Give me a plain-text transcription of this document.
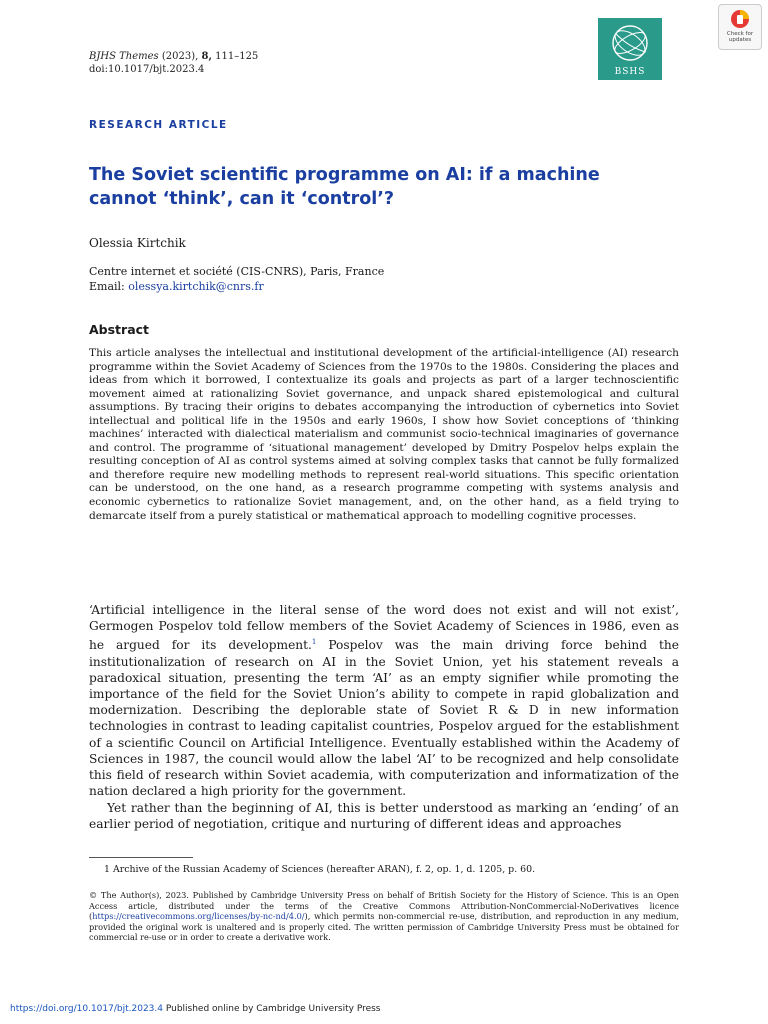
BJHS Themes (2023), 8, 111–125
doi:10.1017/bjt.2023.4	BSHS
Check for
updates
RESEARCH ARTICLE
The Soviet scientific programme on AI: if a machine
cannot ‘think’, can it ‘control’?
Olessia Kirtchik
Centre internet et société (CIS-CNRS), Paris, France
Email: olessya.kirtchik@cnrs.fr
Abstract
This article analyses the intellectual and institutional development of the artificial-intelligence (AI) research programme within the Soviet Academy of Sciences from the 1970s to the 1980s. Considering the places and ideas from which it borrowed, I contextualize its goals and projects as part of a larger technoscientific movement aimed at rationalizing Soviet governance, and unpack shared epistemological and cultural assumptions. By tracing their origins to debates accompanying the introduction of cybernetics into Soviet intellectual and political life in the 1950s and early 1960s, I show how Soviet conceptions of ‘thinking machines’ interacted with dialectical materialism and communist socio-technical imaginaries of governance and control. The programme of ‘situational management’ developed by Dmitry Pospelov helps explain the resulting conception of AI as control systems aimed at solving complex tasks that cannot be fully formalized and therefore require new modelling methods to represent real-world situations. This specific orientation can be understood, on the one hand, as a research programme competing with systems analysis and economic cybernetics to rationalize Soviet management, and, on the other hand, as a field trying to demarcate itself from a purely statistical or mathematical approach to modelling cognitive processes.

‘Artificial intelligence in the literal sense of the word does not exist and will not exist’, Germogen Pospelov told fellow members of the Soviet Academy of Sciences in 1986, even as he argued for its development.$^1$ Pospelov was the main driving force behind the institutionalization of research on AI in the Soviet Union, yet his statement reveals a paradoxical situation, presenting the term ‘AI’ as an empty signifier while promoting the importance of the field for the Soviet Union’s ability to compete in rapid globalization and modernization. Describing the deplorable state of Soviet R & D in new information technologies in contrast to leading capitalist countries, Pospelov argued for the establishment of a scientific Council on Artificial Intelligence. Eventually established within the Academy of Sciences in 1987, the council would allow the label ‘AI’ to be recognized and help consolidate this field of research within Soviet academia, with computerization and informatization of the nation declared a high priority for the government.

Yet rather than the beginning of AI, this is better understood as marking an ‘ending’ of an earlier period of negotiation, critique and nurturing of different ideas and approaches

1 Archive of the Russian Academy of Sciences (hereafter ARAN), f. 2, op. 1, d. 1205, p. 60.
© The Author(s), 2023. Published by Cambridge University Press on behalf of British Society for the History of Science. This is an Open Access article, distributed under the terms of the Creative Commons Attribution-NonCommercial-NoDerivatives licence (https://creativecommons.org/licenses/by-nc-nd/4.0/), which permits non-commercial re-use, distribution, and reproduction in any medium, provided the original work is unaltered and is properly cited. The written permission of Cambridge University Press must be obtained for commercial re-use or in order to create a derivative work.
https://doi.org/10.1017/bjt.2023.4 Published online by Cambridge University Press
